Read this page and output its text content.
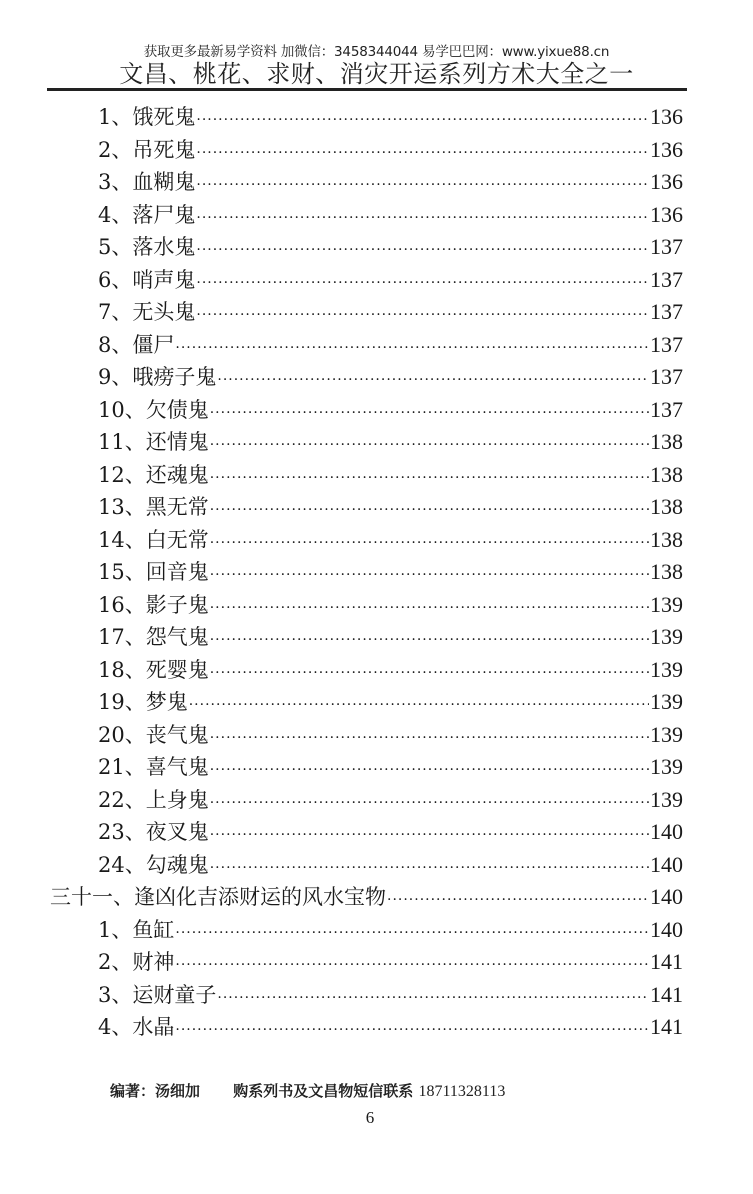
获取更多最新易学资料 加微信：3458344044 易学巴巴网：www.yixue88.cn
文昌、桃花、求财、消灾开运系列方术大全之一
1、饿死鬼 ·····	136
2、吊死鬼 ·····	136
3、血糊鬼 ·····	136
4、落尸鬼 ·····	136
5、落水鬼 ·····	137
6、哨声鬼 ·····	137
7、无头鬼 ·····	137
8、僵尸 ·····	137
9、哦痨子鬼 ·····	137
10、欠债鬼 ·····	137
11、还情鬼 ·····	138
12、还魂鬼 ·····	138
13、黑无常 ·····	138
14、白无常 ·····	138
15、回音鬼 ·····	138
16、影子鬼 ·····	139
17、怨气鬼 ·····	139
18、死婴鬼 ·····	139
19、梦鬼 ·····	139
20、丧气鬼 ·····	139
21、喜气鬼 ·····	139
22、上身鬼 ·····	139
23、夜叉鬼 ·····	140
24、勾魂鬼 ·····	140
三十一、逢凶化吉添财运的风水宝物 ·····	140
1、鱼缸 ·····	140
2、财神 ·····	141
3、运财童子 ·····	141
4、水晶 ·····	141
编著：汤细加 购系列书及文昌物短信联系 18711328113
6
